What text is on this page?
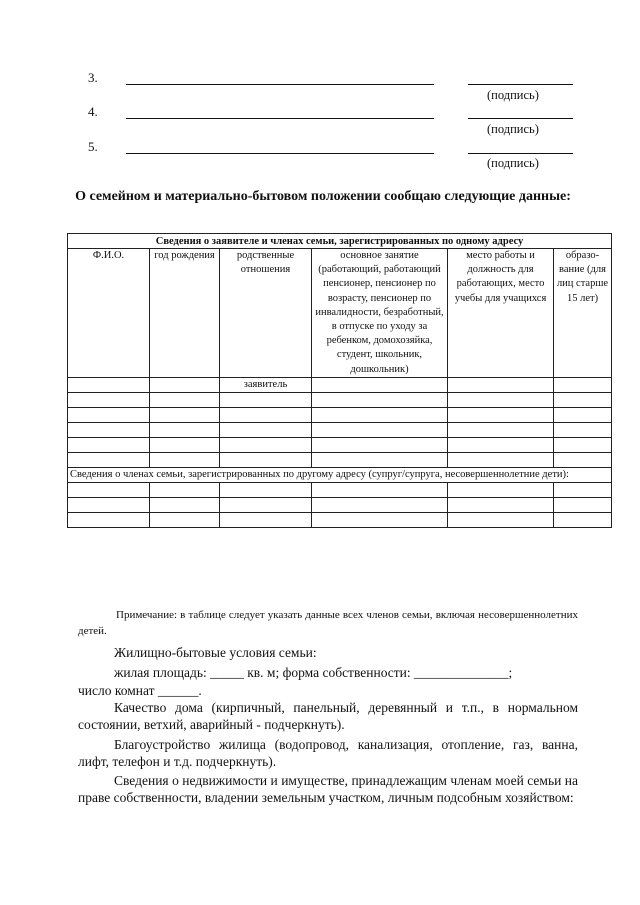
3.
(подпись)
4.
(подпись)
5.
(подпись)
О семейном и материально-бытовом положении сообщаю следующие данные:
Сведения о заявителе и членах семьи, зарегистрированных по одному адресу					
Ф.И.О.	год рождения	родственные отношения	основное занятие (работающий, работающий пенсионер, пенсионер по возрасту, пенсионер по инвалидности, безработный, в отпуске по уходу за ребенком, домохозяйка, студент, школьник, дошкольник)	место работы и должность для работающих, место учебы для учащихся	образо-вание (для лиц старше 15 лет)
		заявитель			

Сведения о членах семьи, зарегистрированных по другому адресу (супруг/супруга, несовершеннолетние дети):					

Примечание: в таблице следует указать данные всех членов семьи, включая несовершеннолетних детей.
Жилищно-бытовые условия семьи:
жилая площадь: _____ кв. м; форма собственности: ______________;
число комнат ______.
Качество дома (кирпичный, панельный, деревянный и т.п., в нормальном состоянии, ветхий, аварийный - подчеркнуть).
Благоустройство жилища (водопровод, канализация, отопление, газ, ванна, лифт, телефон и т.д. подчеркнуть).
Сведения о недвижимости и имуществе, принадлежащим членам моей семьи на праве собственности, владении земельным участком, личным подсобным хозяйством:
